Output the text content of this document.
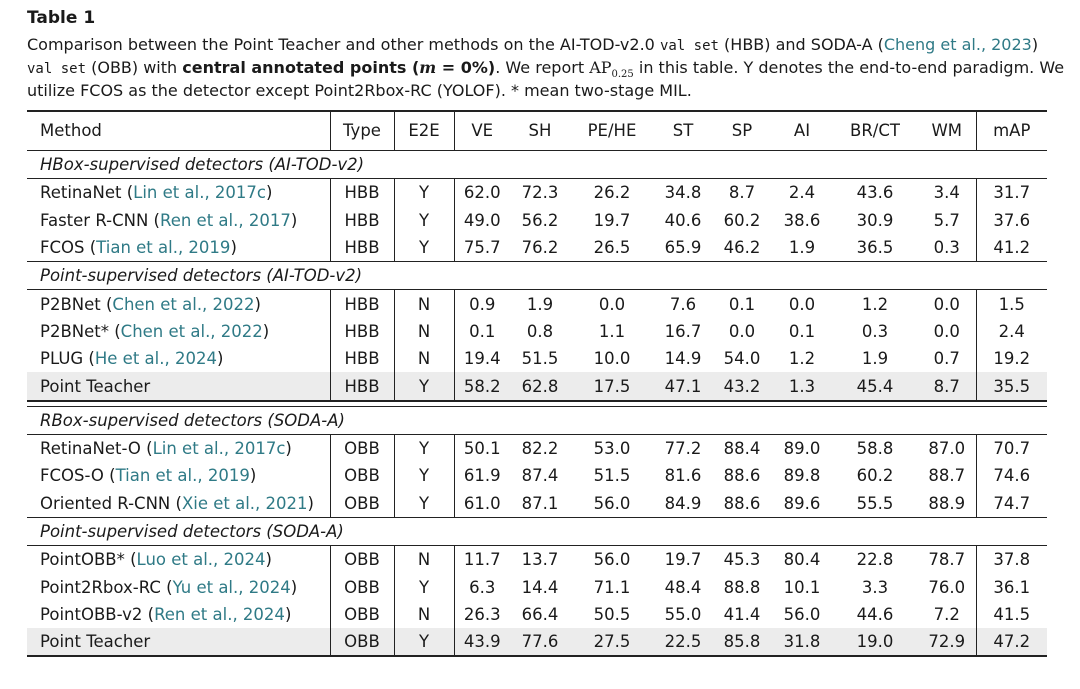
Table 1
Comparison between the Point Teacher and other methods on the AI-TOD-v2.0 val set (HBB) and SODA-A (Cheng et al., 2023)
val set (OBB) with central annotated points (m = 0%). We report $AP_{0.25}$ in this table. Y denotes the end-to-end paradigm. We
utilize FCOS as the detector except Point2Rbox-RC (YOLOF). * mean two-stage MIL.
Method	Type	E2E	VE	SH	PE/HE	ST	SP	AI	BR/CT	WM	mAP
HBox-supervised detectors (AI-TOD-v2)											
RetinaNet (Lin et al., 2017c)	HBB	Y	62.0	72.3	26.2	34.8	8.7	2.4	43.6	3.4	31.7
Faster R-CNN (Ren et al., 2017)	HBB	Y	49.0	56.2	19.7	40.6	60.2	38.6	30.9	5.7	37.6
FCOS (Tian et al., 2019)	HBB	Y	75.7	76.2	26.5	65.9	46.2	1.9	36.5	0.3	41.2
Point-supervised detectors (AI-TOD-v2)											
P2BNet (Chen et al., 2022)	HBB	N	0.9	1.9	0.0	7.6	0.1	0.0	1.2	0.0	1.5
P2BNet* (Chen et al., 2022)	HBB	N	0.1	0.8	1.1	16.7	0.0	0.1	0.3	0.0	2.4
PLUG (He et al., 2024)	HBB	N	19.4	51.5	10.0	14.9	54.0	1.2	1.9	0.7	19.2
Point Teacher	HBB	Y	58.2	62.8	17.5	47.1	43.2	1.3	45.4	8.7	35.5

RBox-supervised detectors (SODA-A)											
RetinaNet-O (Lin et al., 2017c)	OBB	Y	50.1	82.2	53.0	77.2	88.4	89.0	58.8	87.0	70.7
FCOS-O (Tian et al., 2019)	OBB	Y	61.9	87.4	51.5	81.6	88.6	89.8	60.2	88.7	74.6
Oriented R-CNN (Xie et al., 2021)	OBB	Y	61.0	87.1	56.0	84.9	88.6	89.6	55.5	88.9	74.7
Point-supervised detectors (SODA-A)											
PointOBB* (Luo et al., 2024)	OBB	N	11.7	13.7	56.0	19.7	45.3	80.4	22.8	78.7	37.8
Point2Rbox-RC (Yu et al., 2024)	OBB	Y	6.3	14.4	71.1	48.4	88.8	10.1	3.3	76.0	36.1
PointOBB-v2 (Ren et al., 2024)	OBB	N	26.3	66.4	50.5	55.0	41.4	56.0	44.6	7.2	41.5
Point Teacher	OBB	Y	43.9	77.6	27.5	22.5	85.8	31.8	19.0	72.9	47.2
